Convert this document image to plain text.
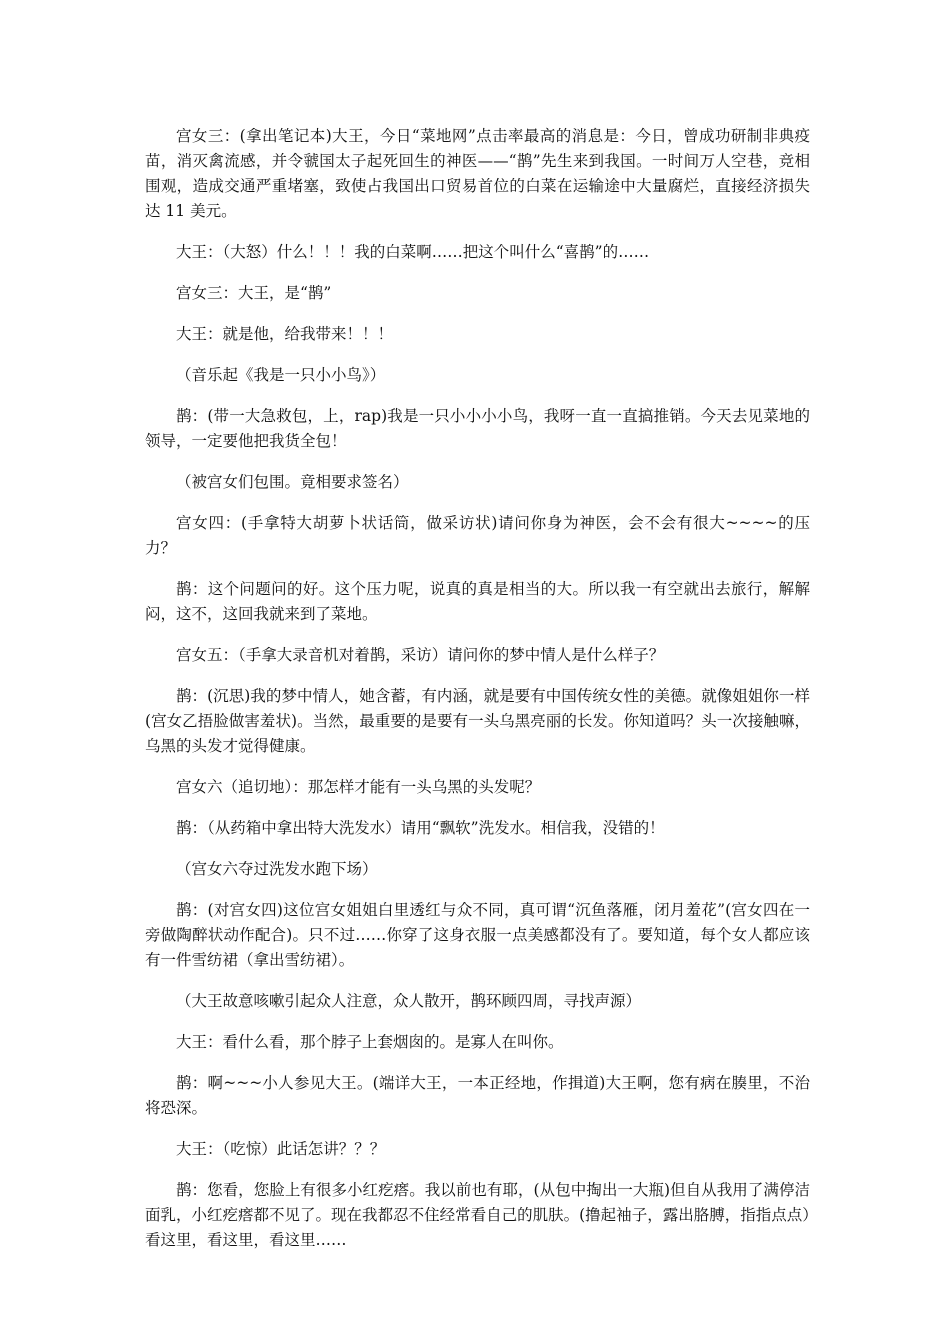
宫女三：(拿出笔记本)大王，今日“菜地网”点击率最高的消息是：今日，曾成功研制非典疫苗，消灭禽流感，并令虢国太子起死回生的神医——“鹊”先生来到我国。一时间万人空巷，竞相围观，造成交通严重堵塞，致使占我国出口贸易首位的白菜在运输途中大量腐烂，直接经济损失达 11 美元。

大王：（大怒）什么！！！我的白菜啊……把这个叫什么“喜鹊”的……

宫女三：大王，是“鹊”

大王：就是他，给我带来！！！

（音乐起《我是一只小小鸟》）

鹊：(带一大急救包，上，rap)我是一只小小小小鸟，我呀一直一直搞推销。今天去见菜地的领导，一定要他把我货全包！

（被宫女们包围。竟相要求签名）

宫女四：(手拿特大胡萝卜状话筒，做采访状)请问你身为神医，会不会有很大~~~~的压力？

鹊：这个问题问的好。这个压力呢，说真的真是相当的大。所以我一有空就出去旅行，解解闷，这不，这回我就来到了菜地。

宫女五：（手拿大录音机对着鹊，采访）请问你的梦中情人是什么样子？

鹊：(沉思)我的梦中情人，她含蓄，有内涵，就是要有中国传统女性的美德。就像姐姐你一样(宫女乙捂脸做害羞状)。当然，最重要的是要有一头乌黑亮丽的长发。你知道吗？头一次接触嘛，乌黑的头发才觉得健康。

宫女六（追切地）：那怎样才能有一头乌黑的头发呢？

鹊：（从药箱中拿出特大洗发水）请用“飘软”洗发水。相信我，没错的！

（宫女六夺过洗发水跑下场）

鹊：(对宫女四)这位宫女姐姐白里透红与众不同，真可谓“沉鱼落雁，闭月羞花”(宫女四在一旁做陶醉状动作配合)。只不过……你穿了这身衣服一点美感都没有了。要知道，每个女人都应该有一件雪纺裙（拿出雪纺裙）。

（大王故意咳嗽引起众人注意，众人散开，鹊环顾四周，寻找声源）

大王：看什么看，那个脖子上套烟囱的。是寡人在叫你。

鹊：啊~~~小人参见大王。(端详大王，一本正经地，作揖道)大王啊，您有病在腠里，不治将恐深。

大王：（吃惊）此话怎讲？？？

鹊：您看，您脸上有很多小红疙瘩。我以前也有耶，(从包中掏出一大瓶)但自从我用了满停洁面乳，小红疙瘩都不见了。现在我都忍不住经常看自己的肌肤。(撸起袖子，露出胳膊，指指点点）看这里，看这里，看这里……
